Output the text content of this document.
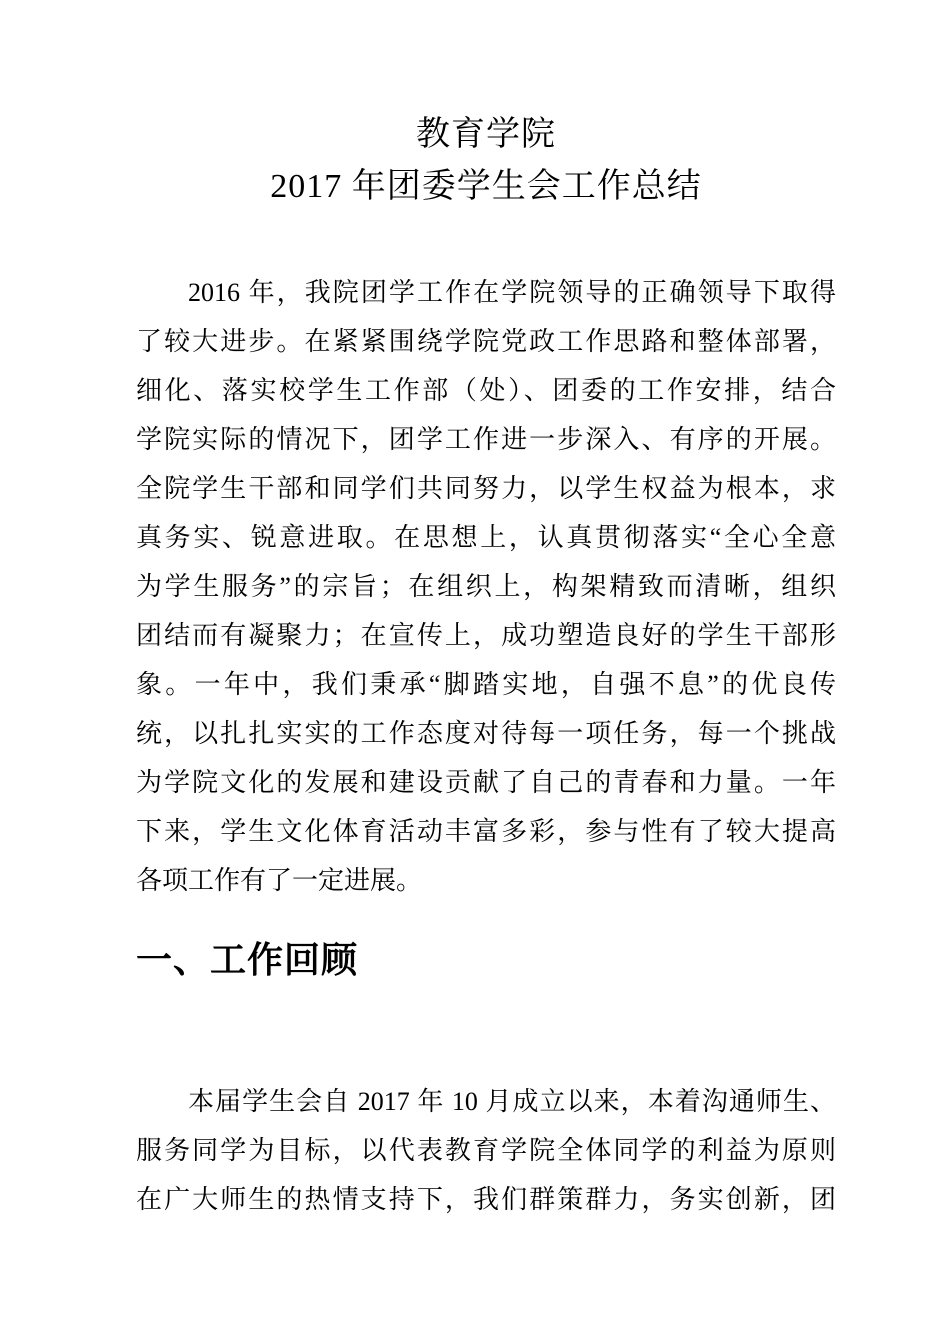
教育学院
2017 年团委学生会工作总结
2016 年，我院团学工作在学院领导的正确领导下取得
了较大进步。在紧紧围绕学院党政工作思路和整体部署，
细化、落实校学生工作部（处）、团委的工作安排，结合
学院实际的情况下，团学工作进一步深入、有序的开展。
全院学生干部和同学们共同努力，以学生权益为根本，求
真务实、锐意进取。在思想上，认真贯彻落实“全心全意
为学生服务”的宗旨；在组织上，构架精致而清晰，组织
团结而有凝聚力；在宣传上，成功塑造良好的学生干部形
象。一年中，我们秉承“脚踏实地，自强不息”的优良传
统，以扎扎实实的工作态度对待每一项任务，每一个挑战
为学院文化的发展和建设贡献了自己的青春和力量。一年
下来，学生文化体育活动丰富多彩，参与性有了较大提高
各项工作有了一定进展。
一、工作回顾
本届学生会自 2017 年 10 月成立以来，本着沟通师生、
服务同学为目标，以代表教育学院全体同学的利益为原则
在广大师生的热情支持下，我们群策群力，务实创新，团
